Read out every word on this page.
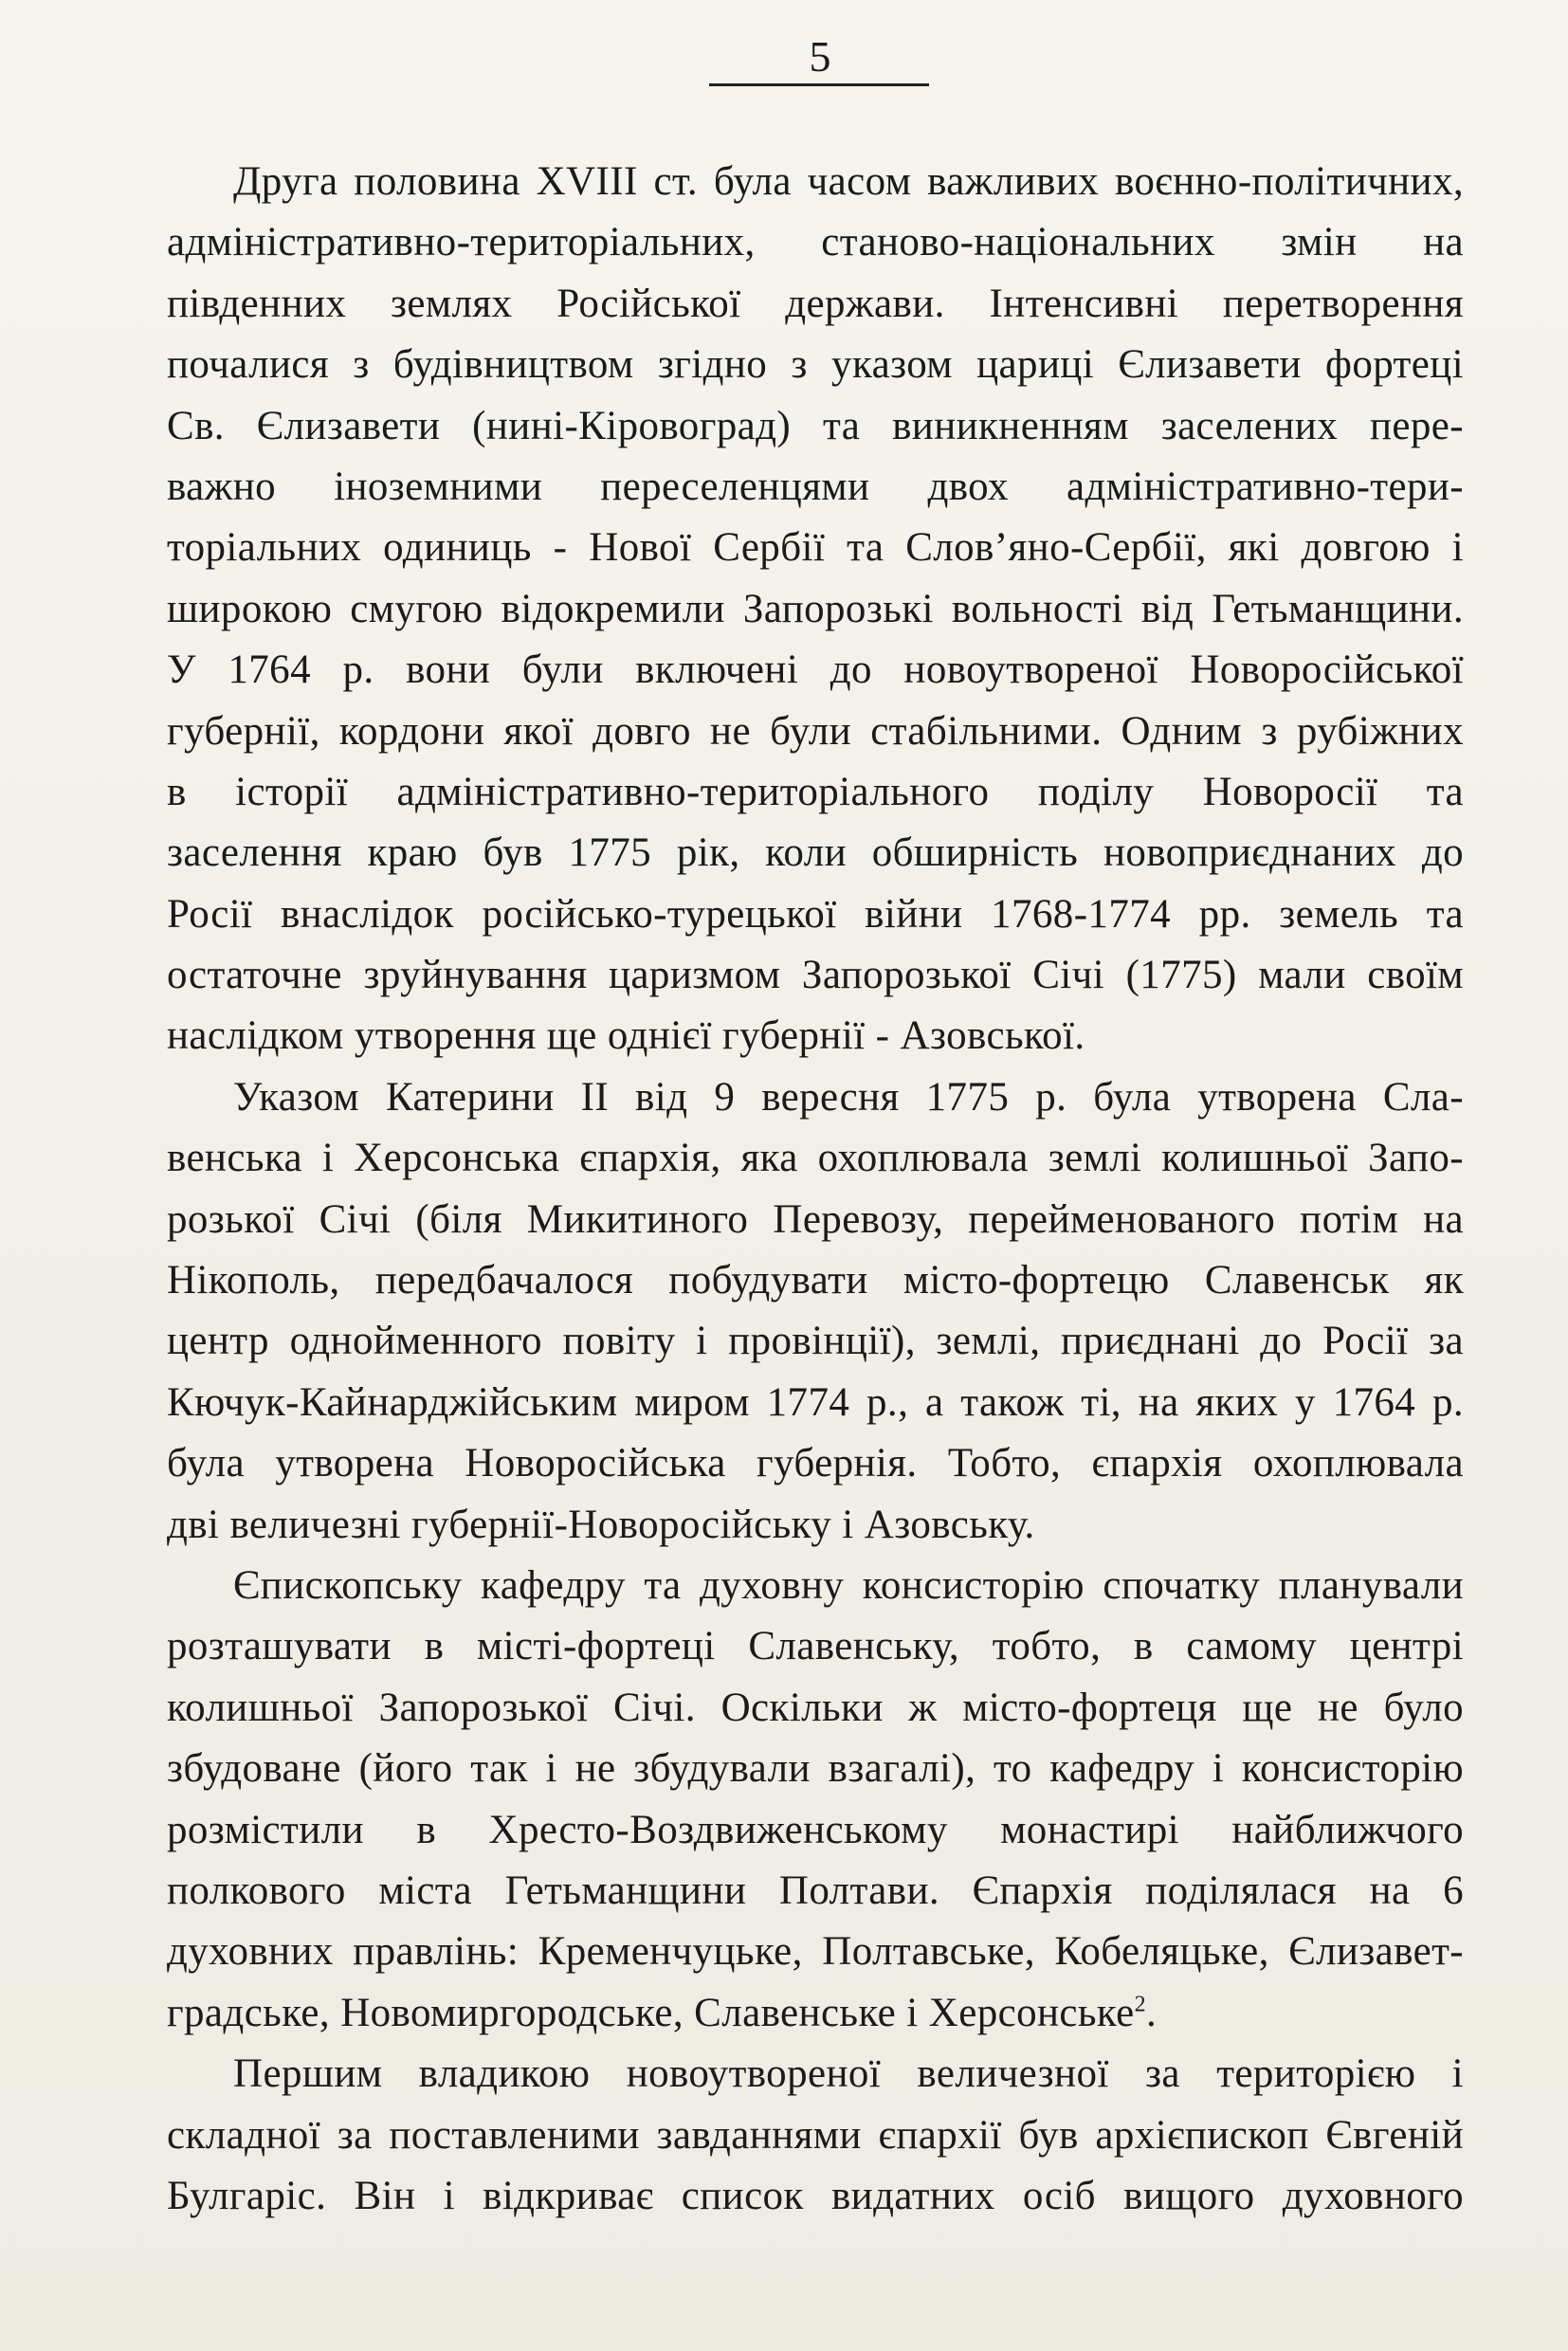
5
Друга половина XVIII ст. була часом важливих воєнно-політичних,
адміністративно-територіальних, станово-національних змін на
південних землях Російської держави. Інтенсивні перетворення
почалися з будівництвом згідно з указом цариці Єлизавети фортеці
Св. Єлизавети (нині-Кіровоград) та виникненням заселених пере-
важно іноземними переселенцями двох адміністративно-тери-
торіальних одиниць - Нової Сербії та Слов’яно-Сербії, які довгою і
широкою смугою відокремили Запорозькі вольності від Гетьманщини.
У 1764 р. вони були включені до новоутвореної Новоросійської
губернії, кордони якої довго не були стабільними. Одним з рубіжних
в історії адміністративно-територіального поділу Новоросії та
заселення краю був 1775 рік, коли обширність новоприєднаних до
Росії внаслідок російсько-турецької війни 1768-1774 рр. земель та
остаточне зруйнування царизмом Запорозької Січі (1775) мали своїм
наслідком утворення ще однієї губернії - Азовської.
Указом Катерини II від 9 вересня 1775 р. була утворена Сла-
венська і Херсонська єпархія, яка охоплювала землі колишньої Запо-
розької Січі (біля Микитиного Перевозу, перейменованого потім на
Нікополь, передбачалося побудувати місто-фортецю Славенськ як
центр однойменного повіту і провінції), землі, приєднані до Росії за
Кючук-Кайнарджійським миром 1774 р., а також ті, на яких у 1764 р.
була утворена Новоросійська губернія. Тобто, єпархія охоплювала
дві величезні губернії-Новоросійську і Азовську.
Єпископську кафедру та духовну консисторію спочатку планували
розташувати в місті-фортеці Славенську, тобто, в самому центрі
колишньої Запорозької Січі. Оскільки ж місто-фортеця ще не було
збудоване (його так і не збудували взагалі), то кафедру і консисторію
розмістили в Хресто-Воздвиженському монастирі найближчого
полкового міста Гетьманщини Полтави. Єпархія поділялася на 6
духовних правлінь: Кременчуцьке, Полтавське, Кобеляцьке, Єлизавет-
градське, Новомиргородське, Славенське і Херсонське$^2$.
Першим владикою новоутвореної величезної за територією і
складної за поставленими завданнями єпархії був архієпископ Євгеній
Булгаріс. Він і відкриває список видатних осіб вищого духовного
